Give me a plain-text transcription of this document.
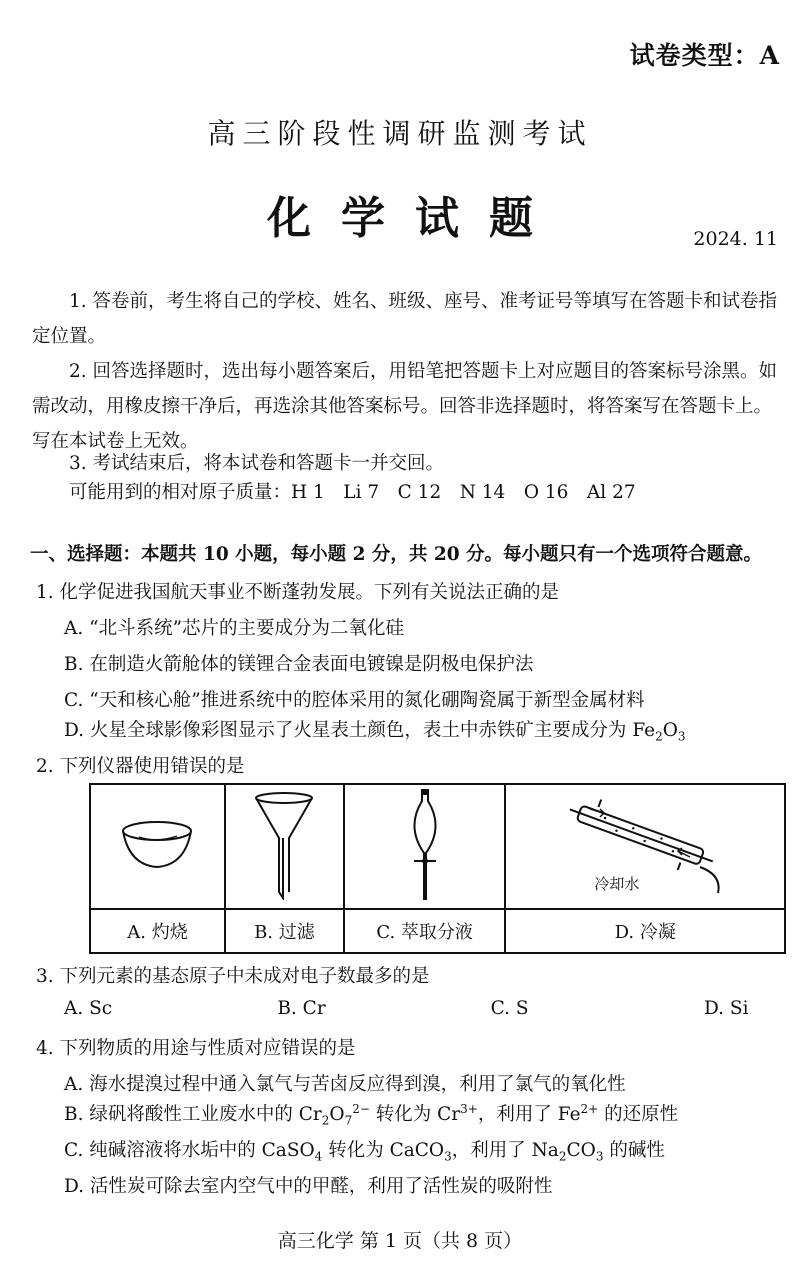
试卷类型：A
高三阶段性调研监测考试
化学试题	2024. 11
1. 答卷前，考生将自己的学校、姓名、班级、座号、准考证号等填写在答题卡和试卷指定位置。
2. 回答选择题时，选出每小题答案后，用铅笔把答题卡上对应题目的答案标号涂黑。如需改动，用橡皮擦干净后，再选涂其他答案标号。回答非选择题时，将答案写在答题卡上。写在本试卷上无效。
3. 考试结束后，将本试卷和答题卡一并交回。
可能用到的相对原子质量：H 1　Li 7　C 12　N 14　O 16　Al 27
一、选择题：本题共 10 小题，每小题 2 分，共 20 分。每小题只有一个选项符合题意。
1. 化学促进我国航天事业不断蓬勃发展。下列有关说法正确的是
A. “北斗系统”芯片的主要成分为二氧化硅
B. 在制造火箭舱体的镁锂合金表面电镀镍是阴极电保护法
C. “天和核心舱”推进系统中的腔体采用的氮化硼陶瓷属于新型金属材料
D. 火星全球影像彩图显示了火星表土颜色，表土中赤铁矿主要成分为 $Fe_2O_3$
2. 下列仪器使用错误的是

冷却水

A. 灼烧	B. 过滤	C. 萃取分液	D. 冷凝
3. 下列元素的基态原子中未成对电子数最多的是
A. Sc	B. Cr	C. S	D. Si
4. 下列物质的用途与性质对应错误的是
A. 海水提溴过程中通入氯气与苦卤反应得到溴，利用了氯气的氧化性
B. 绿矾将酸性工业废水中的 $Cr_2O_7^{2-}$ 转化为 $Cr^{3+}$，利用了 $Fe^{2+}$ 的还原性
C. 纯碱溶液将水垢中的 CaSO$_4$ 转化为 CaCO$_3$，利用了 $Na_2CO_3$ 的碱性
D. 活性炭可除去室内空气中的甲醛，利用了活性炭的吸附性
高三化学 第 1 页（共 8 页）
